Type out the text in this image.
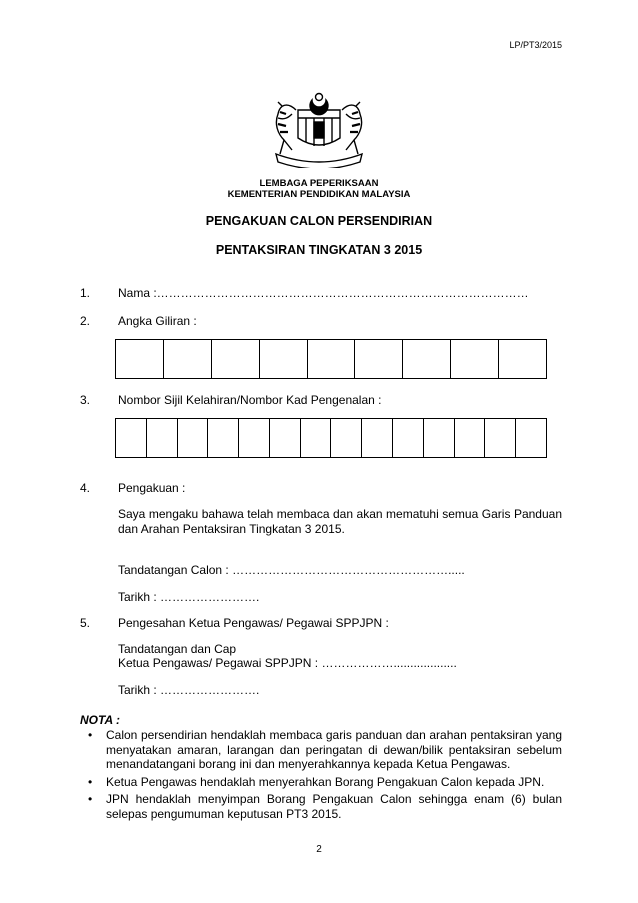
LP/PT3/2015
LEMBAGA PEPERIKSAAN
KEMENTERIAN PENDIDIKAN MALAYSIA
PENGAKUAN CALON PERSENDIRIAN
PENTAKSIRAN TINGKATAN 3 2015
1. Nama :…………………………………………………………………………………
2. Angka Giliran :

3. Nombor Sijil Kelahiran/Nombor Kad Pengenalan :

4. Pengakuan :
Saya mengaku bahawa telah membaca dan akan mematuhi semua Garis Panduan dan Arahan Pentaksiran Tingkatan 3 2015.
Tandatangan Calon : ……………………………………………….....
Tarikh : …………………….
5. Pengesahan Ketua Pengawas/ Pegawai SPPJPN :
Tandatangan dan Cap
Ketua Pengawas/ Pegawai SPPJPN : ………………...................
Tarikh : …………………….
NOTA :
• Calon persendirian hendaklah membaca garis panduan dan arahan pentaksiran yang menyatakan amaran, larangan dan peringatan di dewan/bilik pentaksiran sebelum menandatangani borang ini dan menyerahkannya kepada Ketua Pengawas.
• Ketua Pengawas hendaklah menyerahkan Borang Pengakuan Calon kepada JPN.
• JPN hendaklah menyimpan Borang Pengakuan Calon sehingga enam (6) bulan selepas pengumuman keputusan PT3 2015.
2
